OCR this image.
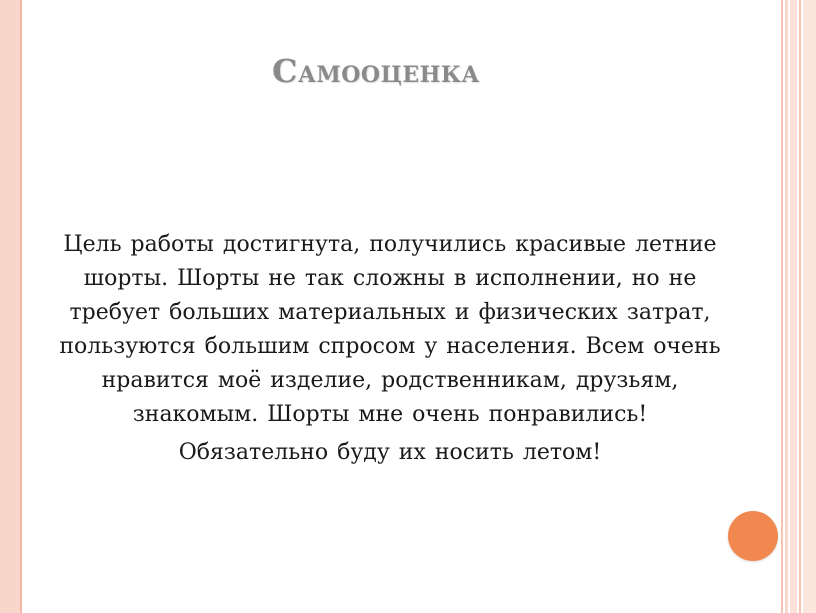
Самооценка

Цель работы достигнута, получились красивые летние шорты. Шорты не так сложны в исполнении, но не требует больших материальных и физических затрат, пользуются большим спросом у населения. Всем очень нравится моё изделие, родственникам, друзьям, знакомым. Шорты мне очень понравились!

Обязательно буду их носить летом!
